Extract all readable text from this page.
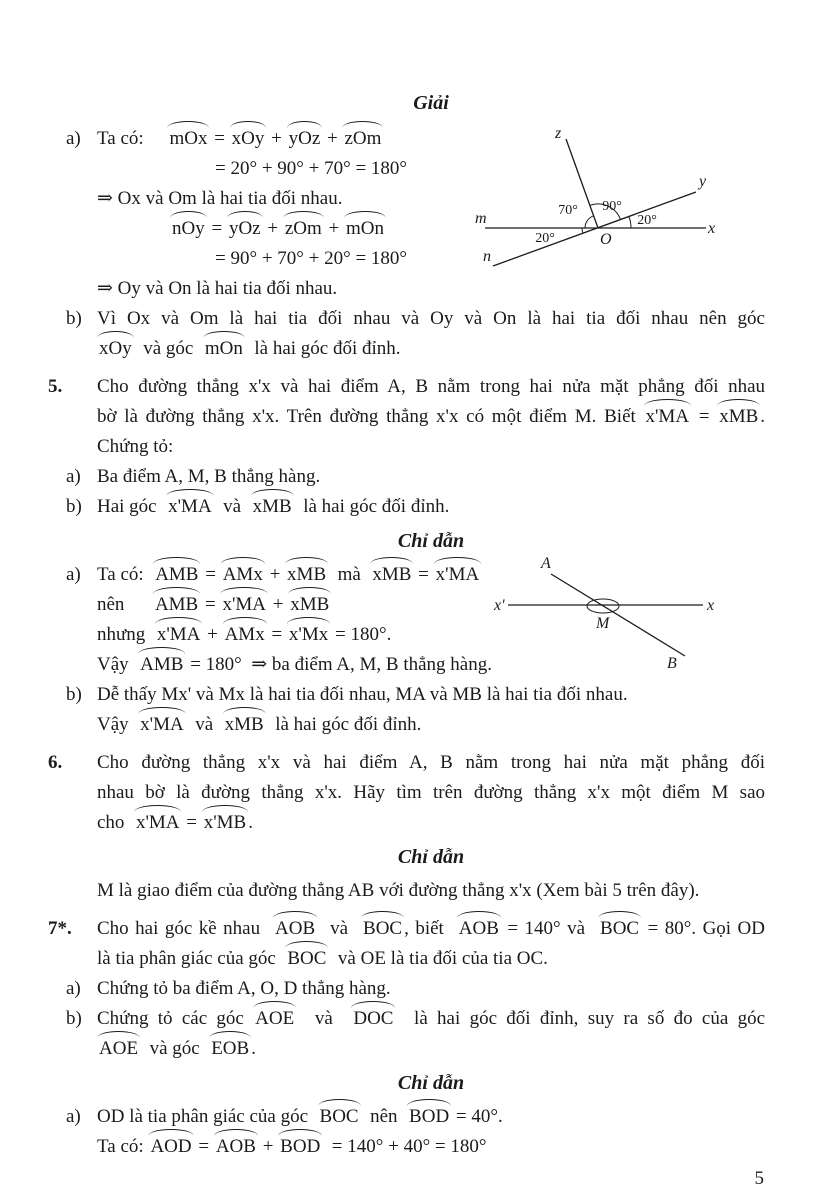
Giải
a) Ta có:     mOx = xOy + yOz + zOm
= 20° + 90° + 70° = 180°
⇒ Ox và Om là hai tia đối nhau.
nOy = yOz + zOm + mOn
= 90° + 70° + 20° = 180°
⇒ Oy và On là hai tia đối nhau.
b) Vì Ox và Om là hai tia đối nhau và Oy và On là hai tia đối nhau nên góc
xOy  và góc  mOn  là hai góc đối đỉnh.
5. Cho đường thẳng x'x và hai điểm A, B nằm trong hai nửa mặt phẳng đối nhau
bờ là đường thẳng x'x. Trên đường thẳng x'x có một điểm M. Biết x'MA = xMB .
Chứng tỏ:
a) Ba điểm A, M, B thẳng hàng.
b) Hai góc  x'MA  và  xMB  là hai góc đối đỉnh.
Chỉ dẫn
a) Ta có:  AMB = AMx + xMB  mà  xMB = x'MA
nên      AMB = x'MA + xMB
nhưng  x'MA + AMx = x'Mx = 180°.
Vậy  AMB = 180°  ⇒ ba điểm A, M, B thẳng hàng.
b) Dễ thấy Mx' và Mx là hai tia đối nhau, MA và MB là hai tia đối nhau.
Vậy  x'MA  và  xMB  là hai góc đối đỉnh.
6. Cho đường thẳng x'x và hai điểm A, B nằm trong hai nửa mặt phẳng đối
nhau bờ là đường thẳng x'x. Hãy tìm trên đường thẳng x'x một điểm M sao
cho  x'MA = x'MB .
Chỉ dẫn
M là giao điểm của đường thẳng AB với đường thẳng x'x (Xem bài 5 trên đây).
7*. Cho hai góc kề nhau  AOB  và  BOC , biết  AOB = 140° và  BOC = 80°. Gọi OD
là tia phân giác của góc  BOC  và OE là tia đối của tia OC.
a) Chứng tỏ ba điểm A, O, D thẳng hàng.
b) Chứng tỏ các góc AOE  và  DOC  là hai góc đối đỉnh, suy ra số đo của góc
AOE  và góc  EOB .
Chỉ dẫn
a) OD là tia phân giác của góc  BOC  nên  BOD = 40°.
Ta có: AOD = AOB + BOD  = 140° + 40° = 180°
z
y
m
x
n
O
90°
70°
20°
20°
A
x'	x
M
B
5
